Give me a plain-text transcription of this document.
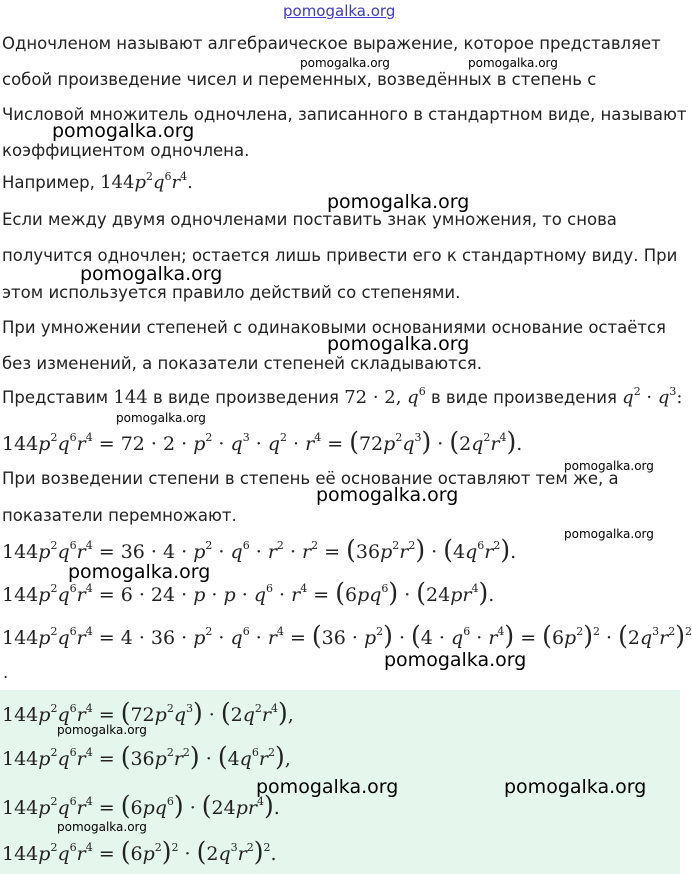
pomogalka.org
Одночленом называют алгебраическое выражение, которое представляет
собой произведение чисел и переменных, возведённых в степень с
Числовой множитель одночлена, записанного в стандартном виде, называют
коэффициентом одночлена.
Например, $144p^2q^6r^4$.
Если между двумя одночленами поставить знак умножения, то снова
получится одночлен; остается лишь привести его к стандартному виду. При
этом используется правило действий со степенями.
При умножении степеней с одинаковыми основаниями основание остаётся
без изменений, а показатели степеней складываются.
Представим 144 в виде произведения 72 · 2, $q^6$ в виде произведения $q^2 \cdot q^3$:
$144p^2q^6r^4 = 72 \cdot 2 \cdot p^2 \cdot q^3 \cdot q^2 \cdot r^4 = (72p^2q^3) \cdot (2q^2r^4)$.
При возведении степени в степень её основание оставляют тем же, а
показатели перемножают.
$144p^2q^6r^4 = 36 \cdot 4 \cdot p^2 \cdot q^6 \cdot r^2 \cdot r^2 = (36p^2r^2) \cdot (4q^6r^2)$.
$144p^2q^6r^4 = 6 \cdot 24 \cdot p \cdot p \cdot q^6 \cdot r^4 = (6pq^6) \cdot (24pr^4)$.
$144p^2q^6r^4 = 4 \cdot 36 \cdot p^2 \cdot q^6 \cdot r^4 = (36 \cdot p^2) \cdot (4 \cdot q^6 \cdot r^4) = (6p^2)^2 \cdot (2q^3r^2)^2$
.
$144p^2q^6r^4 = (72p^2q^3) \cdot (2q^2r^4)$,
$144p^2q^6r^4 = (36p^2r^2) \cdot (4q^6r^2)$,
$144p^2q^6r^4 = (6pq^6) \cdot (24pr^4)$.
$144p^2q^6r^4 = (6p^2)^2 \cdot (2q^3r^2)^2$.
pomogalka.org	pomogalka.org
pomogalka.org
pomogalka.org
pomogalka.org
pomogalka.org
pomogalka.org
pomogalka.org
pomogalka.org
pomogalka.org
pomogalka.org
pomogalka.org
pomogalka.org
pomogalka.org	pomogalka.org
pomogalka.org
